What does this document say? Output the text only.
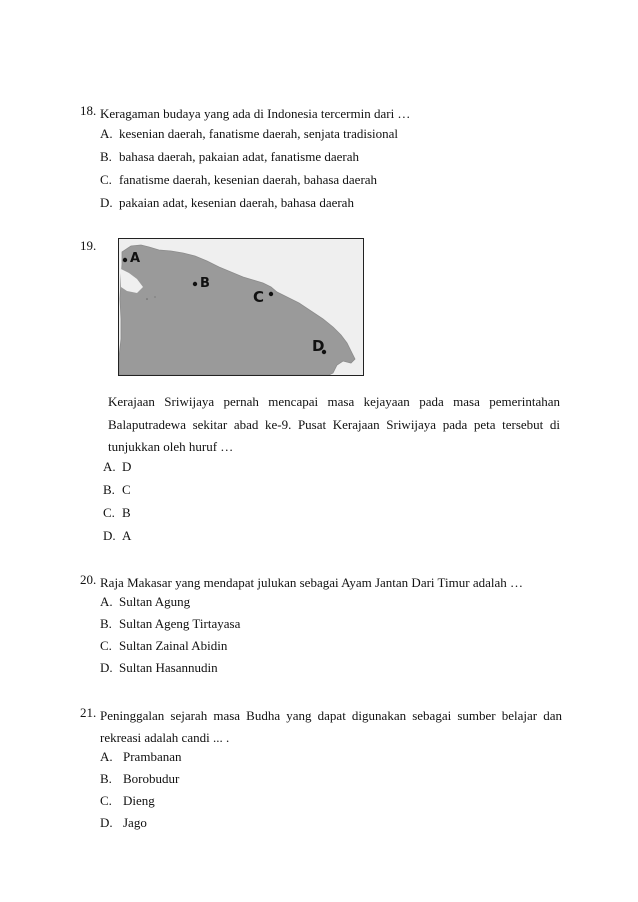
18. Keragaman budaya yang ada di Indonesia tercermin dari …
A. kesenian daerah, fanatisme daerah, senjata tradisional
B. bahasa daerah, pakaian adat, fanatisme daerah
C. fanatisme daerah, kesenian daerah, bahasa daerah
D. pakaian adat, kesenian daerah, bahasa daerah
19.
A
B
C
D
Kerajaan Sriwijaya pernah mencapai masa kejayaan pada masa pemerintahan
Balaputradewa sekitar abad ke-9. Pusat Kerajaan Sriwijaya pada peta tersebut di
tunjukkan oleh huruf …
A. D
B. C
C. B
D. A
20. Raja Makasar yang mendapat julukan sebagai Ayam Jantan Dari Timur adalah …
A. Sultan Agung
B. Sultan Ageng Tirtayasa
C. Sultan Zainal Abidin
D. Sultan Hasannudin
21. Peninggalan sejarah masa Budha yang dapat digunakan sebagai sumber belajar dan rekreasi adalah candi ... .
A. Prambanan
B. Borobudur
C. Dieng
D. Jago
